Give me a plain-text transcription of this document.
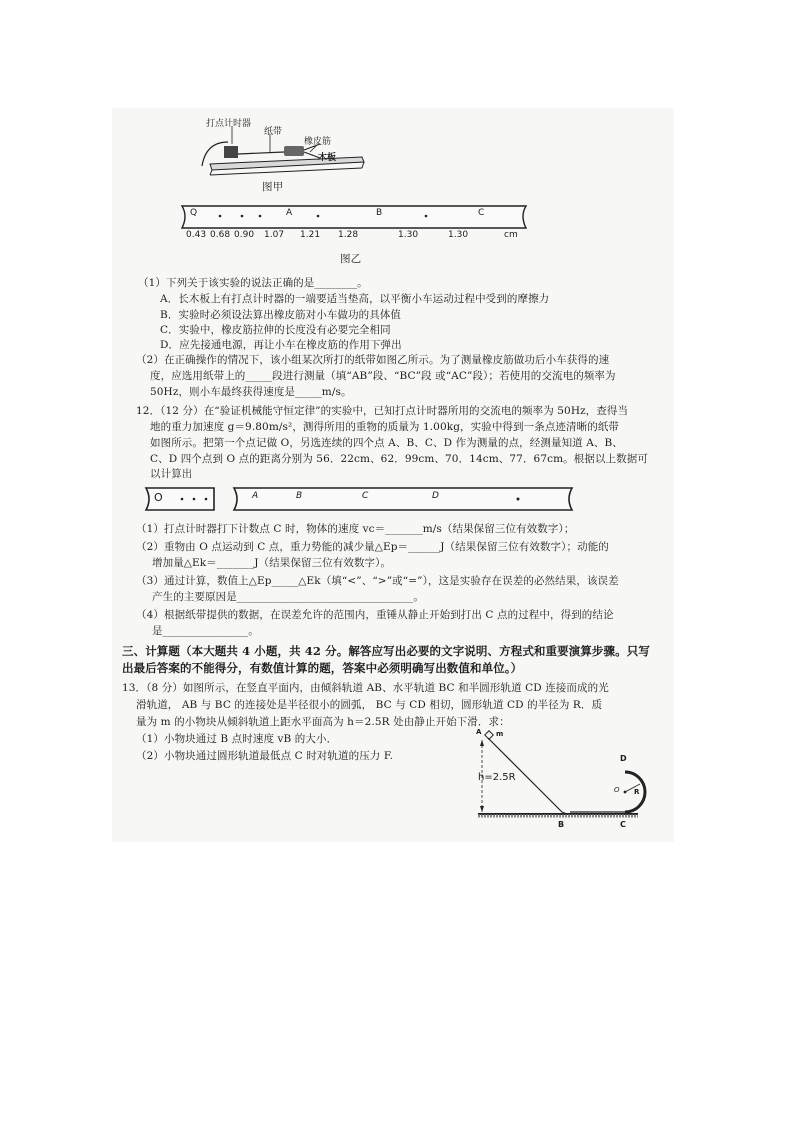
打点计时器
纸带
橡皮筋
木板
图甲
Q	A	B	C
0.43 0.68 0.90 1.07 1.21 1.28	1.30	1.30	cm
图乙
（1）下列关于该实验的说法正确的是________。
A．长木板上有打点计时器的一端要适当垫高，以平衡小车运动过程中受到的摩擦力
B．实验时必须设法算出橡皮筋对小车做功的具体值
C．实验中，橡皮筋拉伸的长度没有必要完全相同
D．应先接通电源，再让小车在橡皮筋的作用下弹出
（2）在正确操作的情况下，该小组某次所打的纸带如图乙所示。为了测量橡皮筋做功后小车获得的速
度，应选用纸带上的_____段进行测量（填“AB”段、“BC”段 或“AC”段）；若使用的交流电的频率为
50Hz，则小车最终获得速度是_____m/s。
12．（12 分）在“验证机械能守恒定律”的实验中，已知打点计时器所用的交流电的频率为 50Hz，查得当
地的重力加速度 g＝9.80m/s²，测得所用的重物的质量为 1.00kg，实验中得到一条点迹清晰的纸带
如图所示。把第一个点记做 O，另选连续的四个点 A、B、C、D 作为测量的点，经测量知道 A、B、
C、D 四个点到 O 点的距离分别为 56．22cm、62．99cm、70．14cm、77．67cm。根据以上数据可
以计算出
O	A	B	C	D
（1）打点计时器打下计数点 C 时，物体的速度 vc＝_______m/s（结果保留三位有效数字）；
（2）重物由 O 点运动到 C 点，重力势能的减少量△Ep＝______J（结果保留三位有效数字）；动能的
增加量△Ek＝_______J（结果保留三位有效数字）。
（3）通过计算，数值上△Ep_____△Ek（填“<”、“>”或“=”），这是实验存在误差的必然结果，该误差
产生的主要原因是_________________________________。
（4）根据纸带提供的数据，在误差允许的范围内，重锤从静止开始到打出 C 点的过程中，得到的结论
是________________。
三、计算题（本大题共 4 小题，共 42 分。解答应写出必要的文字说明、方程式和重要演算步骤。只写
出最后答案的不能得分，有数值计算的题，答案中必须明确写出数值和单位。）
13．（8 分）如图所示，在竖直平面内，由倾斜轨道 AB、水平轨道 BC 和半圆形轨道 CD 连接而成的光
滑轨道， AB 与 BC 的连接处是半径很小的圆弧， BC 与 CD 相切，圆形轨道 CD 的半径为 R．质
量为 m 的小物块从倾斜轨道上距水平面高为 h＝2.5R 处由静止开始下滑．求：
（1）小物块通过 B 点时速度 vB 的大小．
（2）小物块通过圆形轨道最低点 C 时对轨道的压力 F.
A m
h=2.5R
B	C
D
O R
